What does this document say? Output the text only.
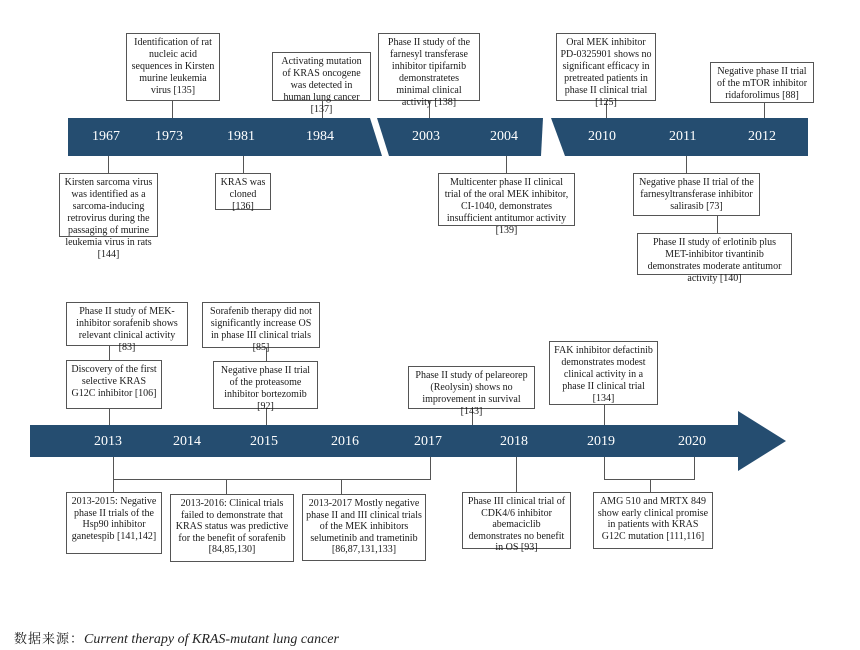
1967	1973	1981	1984	2003	2004	2010	2011	2012
Identification of rat nucleic acid sequences in Kirsten murine leukemia virus [135]
Activating mutation of KRAS oncogene was detected in human lung cancer [137]
Phase II study of the farnesyl transferase inhibitor tipifarnib demonstratetes minimal clinical activity [138]
Oral MEK inhibitor PD-0325901 shows no significant efficacy in pretreated patients in phase II clinical trial [125]
Negative phase II trial of the mTOR inhibitor ridaforolimus [88]
Kirsten sarcoma virus was identified as a sarcoma-inducing retrovirus during the passaging of murine leukemia virus in rats [144]
KRAS was cloned [136]
Multicenter phase II clinical trial of the oral MEK inhibitor, CI-1040, demonstrates insufficient antitumor activity [139]
Negative phase II trial of the farnesyltransferase inhibitor salirasib [73]
Phase II study of erlotinib plus MET-inhibitor tivantinib demonstrates moderate antitumor activity [140]
2013	2014	2015	2016	2017	2018	2019	2020
Phase II study of MEK-inhibitor sorafenib shows relevant clinical activity [83]
Discovery of the first selective KRAS G12C inhibitor [106]
Sorafenib therapy did not significantly increase OS in phase III clinical trials [85]
Negative phase II trial of the proteasome inhibitor bortezomib [92]
Phase II study of pelareorep (Reolysin) shows no improvement in survival [143]
FAK inhibitor defactinib demonstrates modest clinical activity in a phase II clinical trial [134]
2013-2015: Negative phase II trials of the Hsp90 inhibitor ganetespib [141,142]
2013-2016: Clinical trials failed to demonstrate that KRAS status was predictive for the benefit of sorafenib [84,85,130]
2013-2017 Mostly negative phase II and III clinical trials of the MEK inhibitors selumetinib and trametinib [86,87,131,133]
Phase III clinical trial of CDK4/6 inhibitor abemaciclib demonstrates no benefit in OS [93]
AMG 510 and MRTX 849 show early clinical promise in patients with KRAS G12C mutation [111,116]
数据来源：Current therapy of KRAS-mutant lung cancer
